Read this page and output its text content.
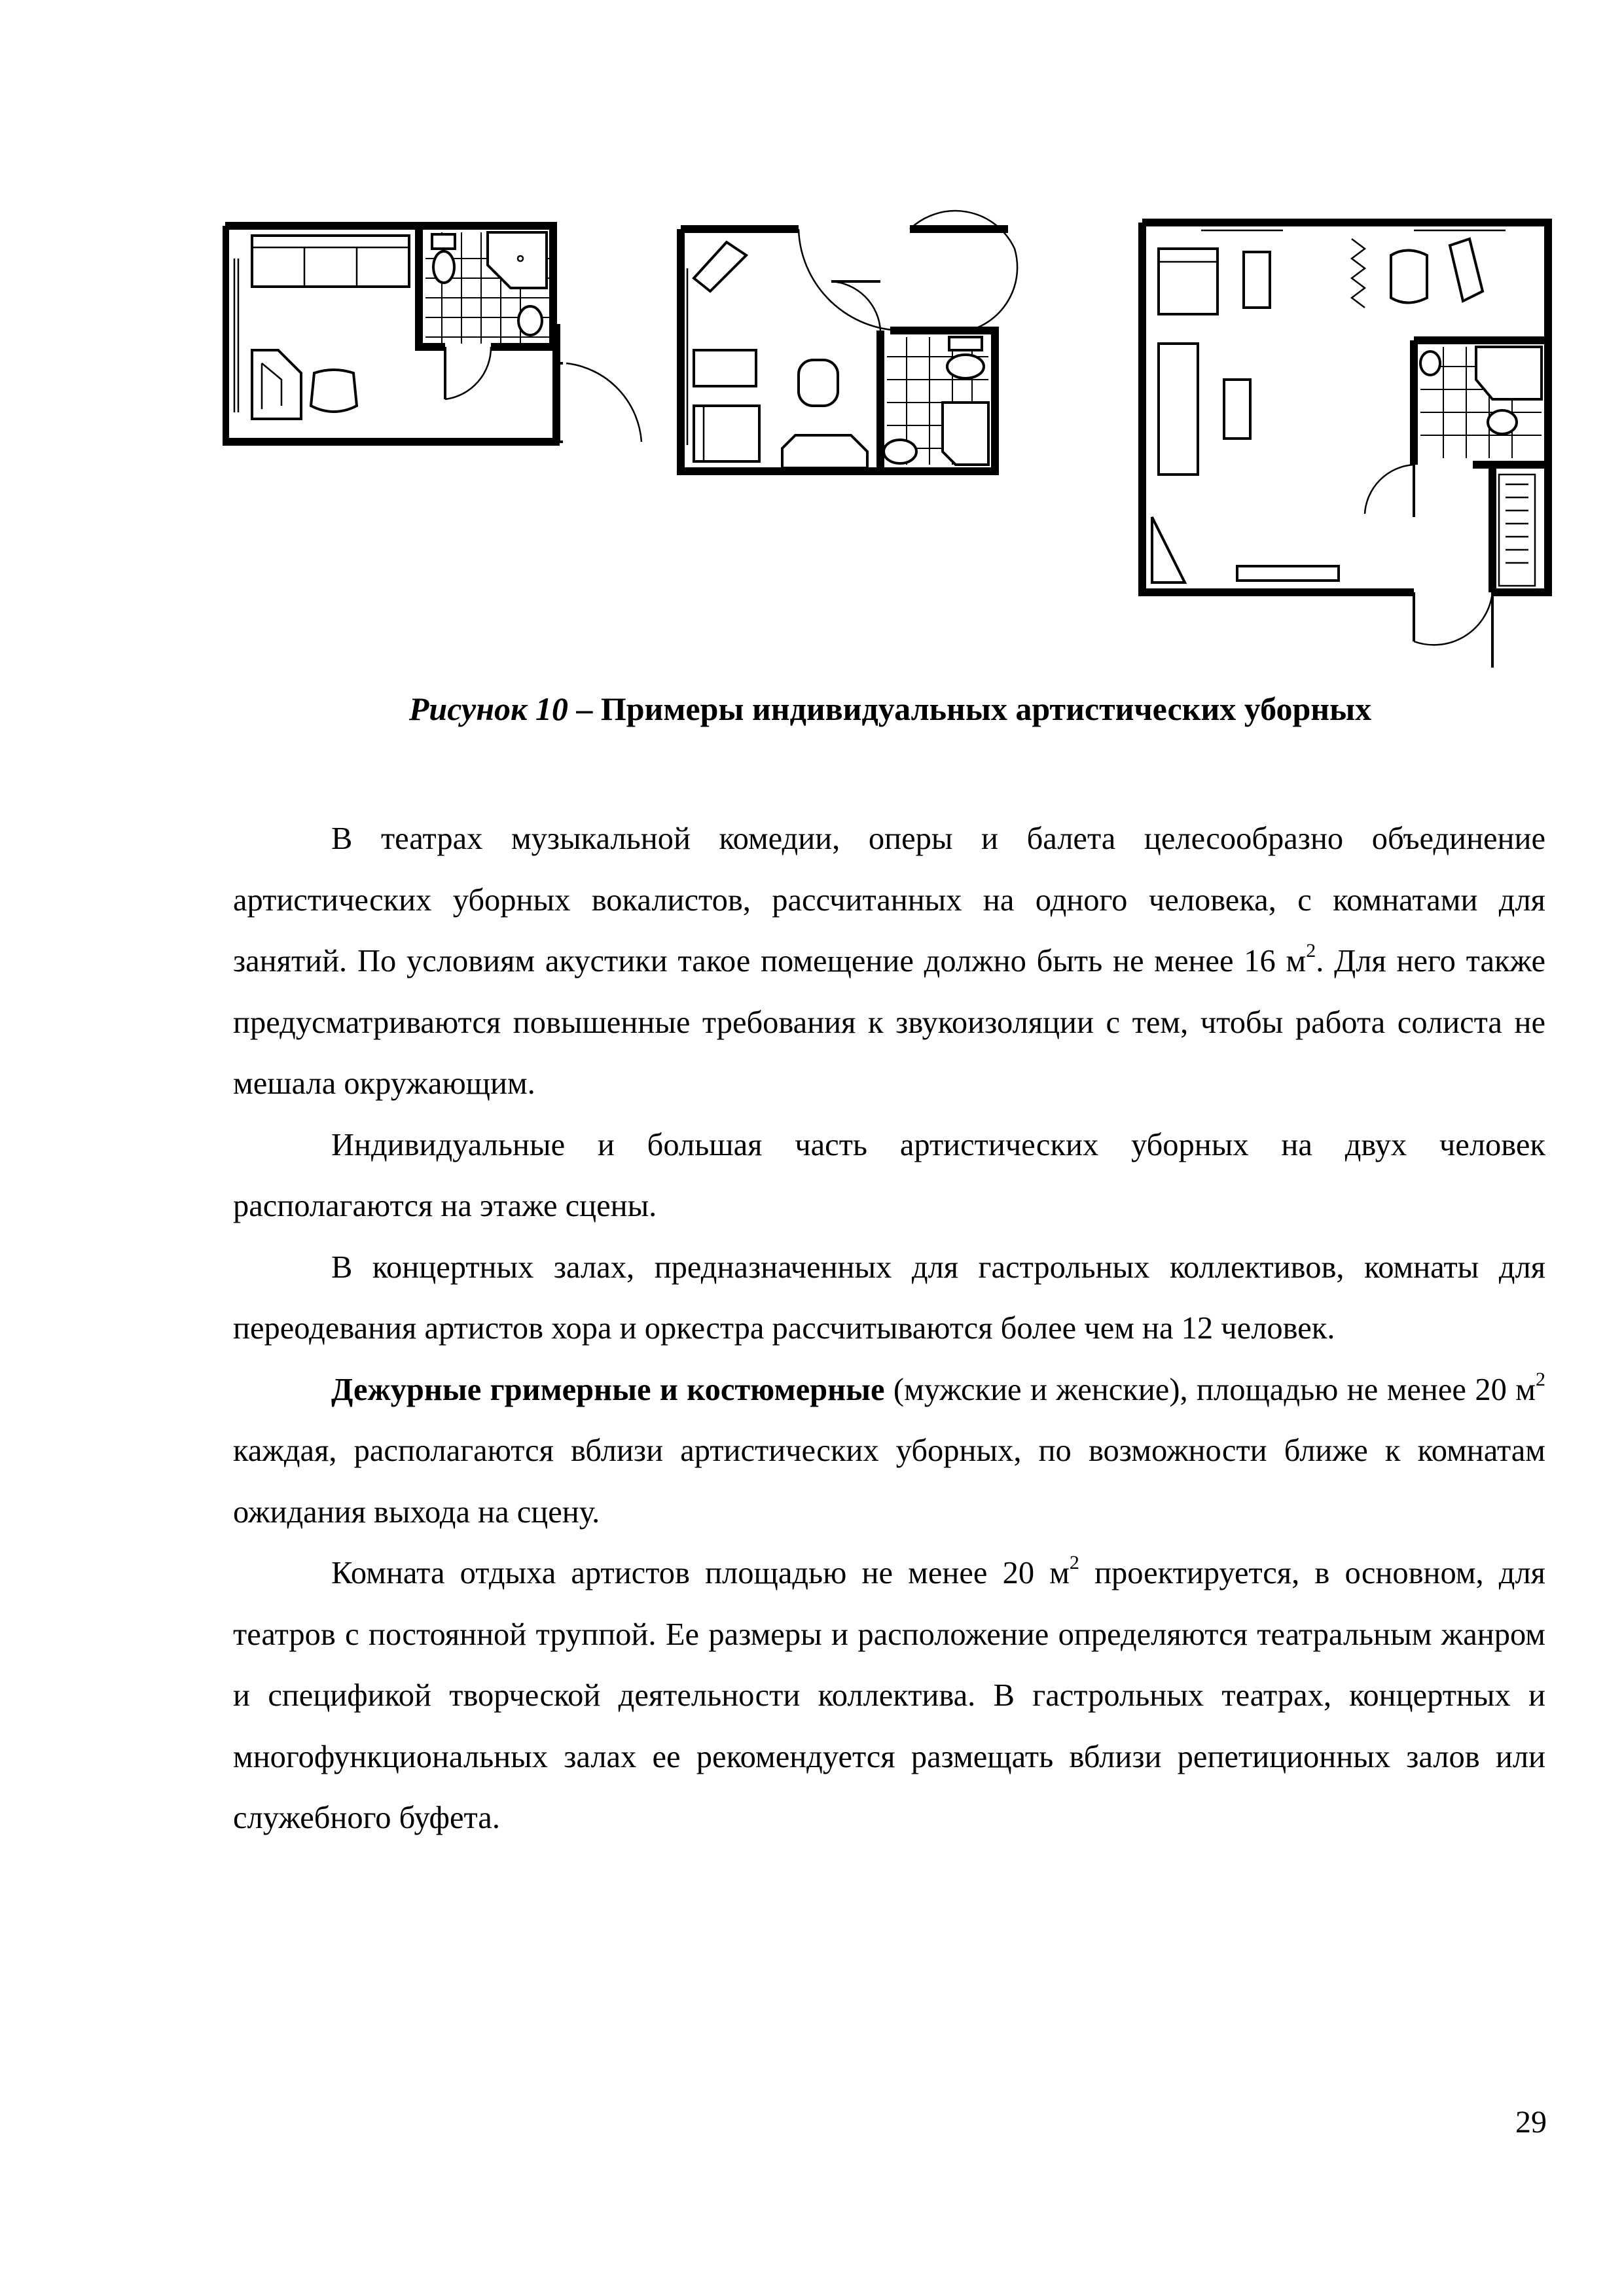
Рисунок 10 – Примеры индивидуальных артистических уборных

В театрах музыкальной комедии, оперы и балета целесообразно объединение артистических уборных вокалистов, рассчитанных на одного человека, с комнатами для занятий. По условиям акустики такое помещение должно быть не менее 16 $м^2$. Для него также предусматриваются повышенные требования к звукоизоляции с тем, чтобы работа солиста не мешала окружающим.

Индивидуальные и большая часть артистических уборных на двух человек располагаются на этаже сцены.

В концертных залах, предназначенных для гастрольных коллективов, комнаты для переодевания артистов хора и оркестра рассчитываются более чем на 12 человек.

Дежурные гримерные и костюмерные (мужские и женские), площадью не менее 20 $м^2$ каждая, располагаются вблизи артистических уборных, по возможности ближе к комнатам ожидания выхода на сцену.

Комната отдыха артистов площадью не менее 20 $м^2$ проектируется, в основном, для театров с постоянной труппой. Ее размеры и расположение определяются театральным жанром и спецификой творческой деятельности коллектива. В гастрольных театрах, концертных и многофункциональных залах ее рекомендуется размещать вблизи репетиционных залов или служебного буфета.

29
